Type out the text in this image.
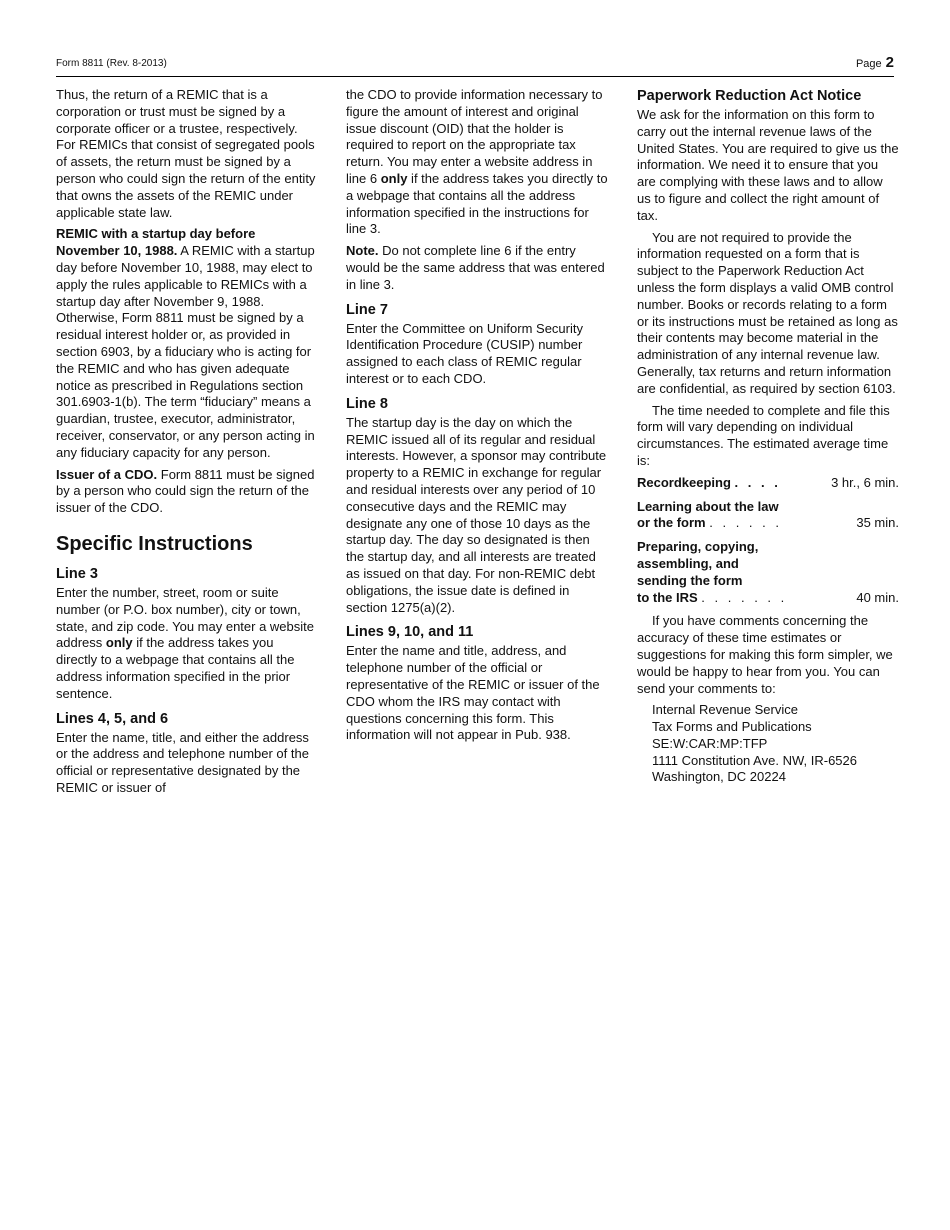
Form 8811 (Rev. 8-2013)	Page 2

Thus, the return of a REMIC that is a corporation or trust must be signed by a corporate officer or a trustee, respectively. For REMICs that consist of segregated pools of assets, the return must be signed by a person who could sign the return of the entity that owns the assets of the REMIC under applicable state law.

REMIC with a startup day before November 10, 1988. A REMIC with a startup day before November 10, 1988, may elect to apply the rules applicable to REMICs with a startup day after November 9, 1988. Otherwise, Form 8811 must be signed by a residual interest holder or, as provided in section 6903, by a fiduciary who is acting for the REMIC and who has given adequate notice as prescribed in Regulations section 301.6903-1(b). The term “fiduciary” means a guardian, trustee, executor, administrator, receiver, conservator, or any person acting in any fiduciary capacity for any person.

Issuer of a CDO. Form 8811 must be signed by a person who could sign the return of the issuer of the CDO.

Specific Instructions
Line 3

Enter the number, street, room or suite number (or P.O. box number), city or town, state, and zip code. You may enter a website address only if the address takes you directly to a webpage that contains all the address information specified in the prior sentence.

Lines 4, 5, and 6

Enter the name, title, and either the address or the address and telephone number of the official or representative designated by the REMIC or issuer of

the CDO to provide information necessary to figure the amount of interest and original issue discount (OID) that the holder is required to report on the appropriate tax return. You may enter a website address in line 6 only if the address takes you directly to a webpage that contains all the address information specified in the instructions for line 3.

Note. Do not complete line 6 if the entry would be the same address that was entered in line 3.

Line 7

Enter the Committee on Uniform Security Identification Procedure (CUSIP) number assigned to each class of REMIC regular interest or to each CDO.

Line 8

The startup day is the day on which the REMIC issued all of its regular and residual interests. However, a sponsor may contribute property to a REMIC in exchange for regular and residual interests over any period of 10 consecutive days and the REMIC may designate any one of those 10 days as the startup day. The day so designated is then the startup day, and all interests are treated as issued on that day. For non-REMIC debt obligations, the issue date is defined in section 1275(a)(2).

Lines 9, 10, and 11

Enter the name and title, address, and telephone number of the official or representative of the REMIC or issuer of the CDO whom the IRS may contact with questions concerning this form. This information will not appear in Pub. 938.

Paperwork Reduction Act Notice

We ask for the information on this form to carry out the internal revenue laws of the United States. You are required to give us the information. We need it to ensure that you are complying with these laws and to allow us to figure and collect the right amount of tax.

You are not required to provide the information requested on a form that is subject to the Paperwork Reduction Act unless the form displays a valid OMB control number. Books or records relating to a form or its instructions must be retained as long as their contents may become material in the administration of any internal revenue law. Generally, tax returns and return information are confidential, as required by section 6103.

The time needed to complete and file this form will vary depending on individual circumstances. The estimated average time is:

Recordkeeping . . . .	3 hr., 6 min.
Learning about the law
or the form . . . . . .	35 min.
Preparing, copying,
assembling, and
sending the form
to the IRS . . . . . . .	40 min.

If you have comments concerning the accuracy of these time estimates or suggestions for making this form simpler, we would be happy to hear from you. You can send your comments to:

Internal Revenue Service
Tax Forms and Publications
SE:W:CAR:MP:TFP
1111 Constitution Ave. NW, IR-6526
Washington, DC 20224
